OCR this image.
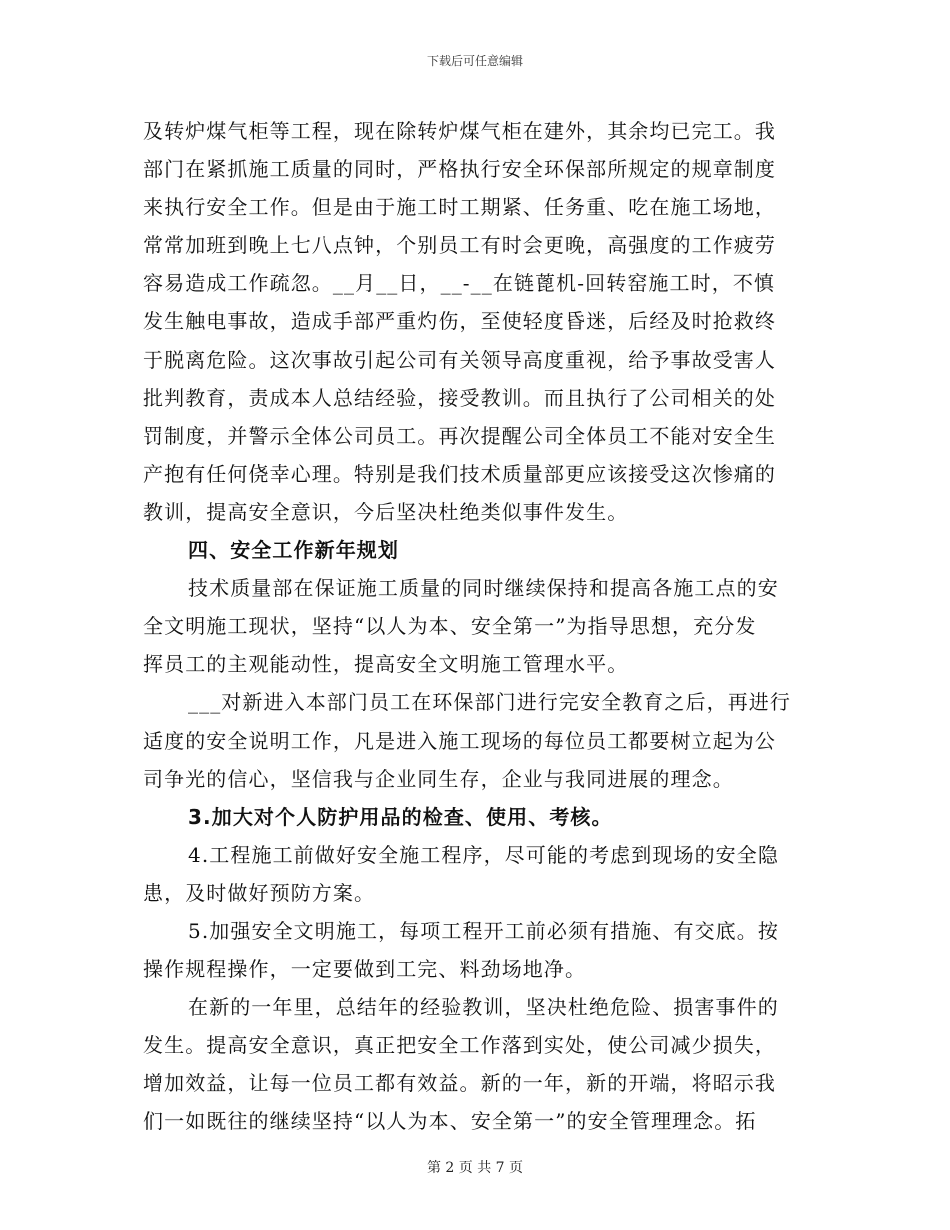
下载后可任意编辑
及转炉煤气柜等工程，现在除转炉煤气柜在建外，其余均已完工。我
部门在紧抓施工质量的同时，严格执行安全环保部所规定的规章制度
来执行安全工作。但是由于施工时工期紧、任务重、吃在施工场地，
常常加班到晚上七八点钟，个别员工有时会更晚，高强度的工作疲劳
容易造成工作疏忽。__月__日，__-__在链蓖机-回转窑施工时，不慎
发生触电事故，造成手部严重灼伤，至使轻度昏迷，后经及时抢救终
于脱离危险。这次事故引起公司有关领导高度重视，给予事故受害人
批判教育，责成本人总结经验，接受教训。而且执行了公司相关的处
罚制度，并警示全体公司员工。再次提醒公司全体员工不能对安全生
产抱有任何侥幸心理。特别是我们技术质量部更应该接受这次惨痛的
教训，提高安全意识，今后坚决杜绝类似事件发生。
四、安全工作新年规划
技术质量部在保证施工质量的同时继续保持和提高各施工点的安
全文明施工现状，坚持“以人为本、安全第一”为指导思想，充分发
挥员工的主观能动性，提高安全文明施工管理水平。
___对新进入本部门员工在环保部门进行完安全教育之后，再进行
适度的安全说明工作，凡是进入施工现场的每位员工都要树立起为公
司争光的信心，坚信我与企业同生存，企业与我同进展的理念。
3.加大对个人防护用品的检查、使用、考核。
4.工程施工前做好安全施工程序，尽可能的考虑到现场的安全隐
患，及时做好预防方案。
5.加强安全文明施工，每项工程开工前必须有措施、有交底。按
操作规程操作，一定要做到工完、料劲场地净。
在新的一年里，总结年的经验教训，坚决杜绝危险、损害事件的
发生。提高安全意识，真正把安全工作落到实处，使公司减少损失，
增加效益，让每一位员工都有效益。新的一年，新的开端，将昭示我
们一如既往的继续坚持“以人为本、安全第一”的安全管理理念。拓
第 2 页 共 7 页
